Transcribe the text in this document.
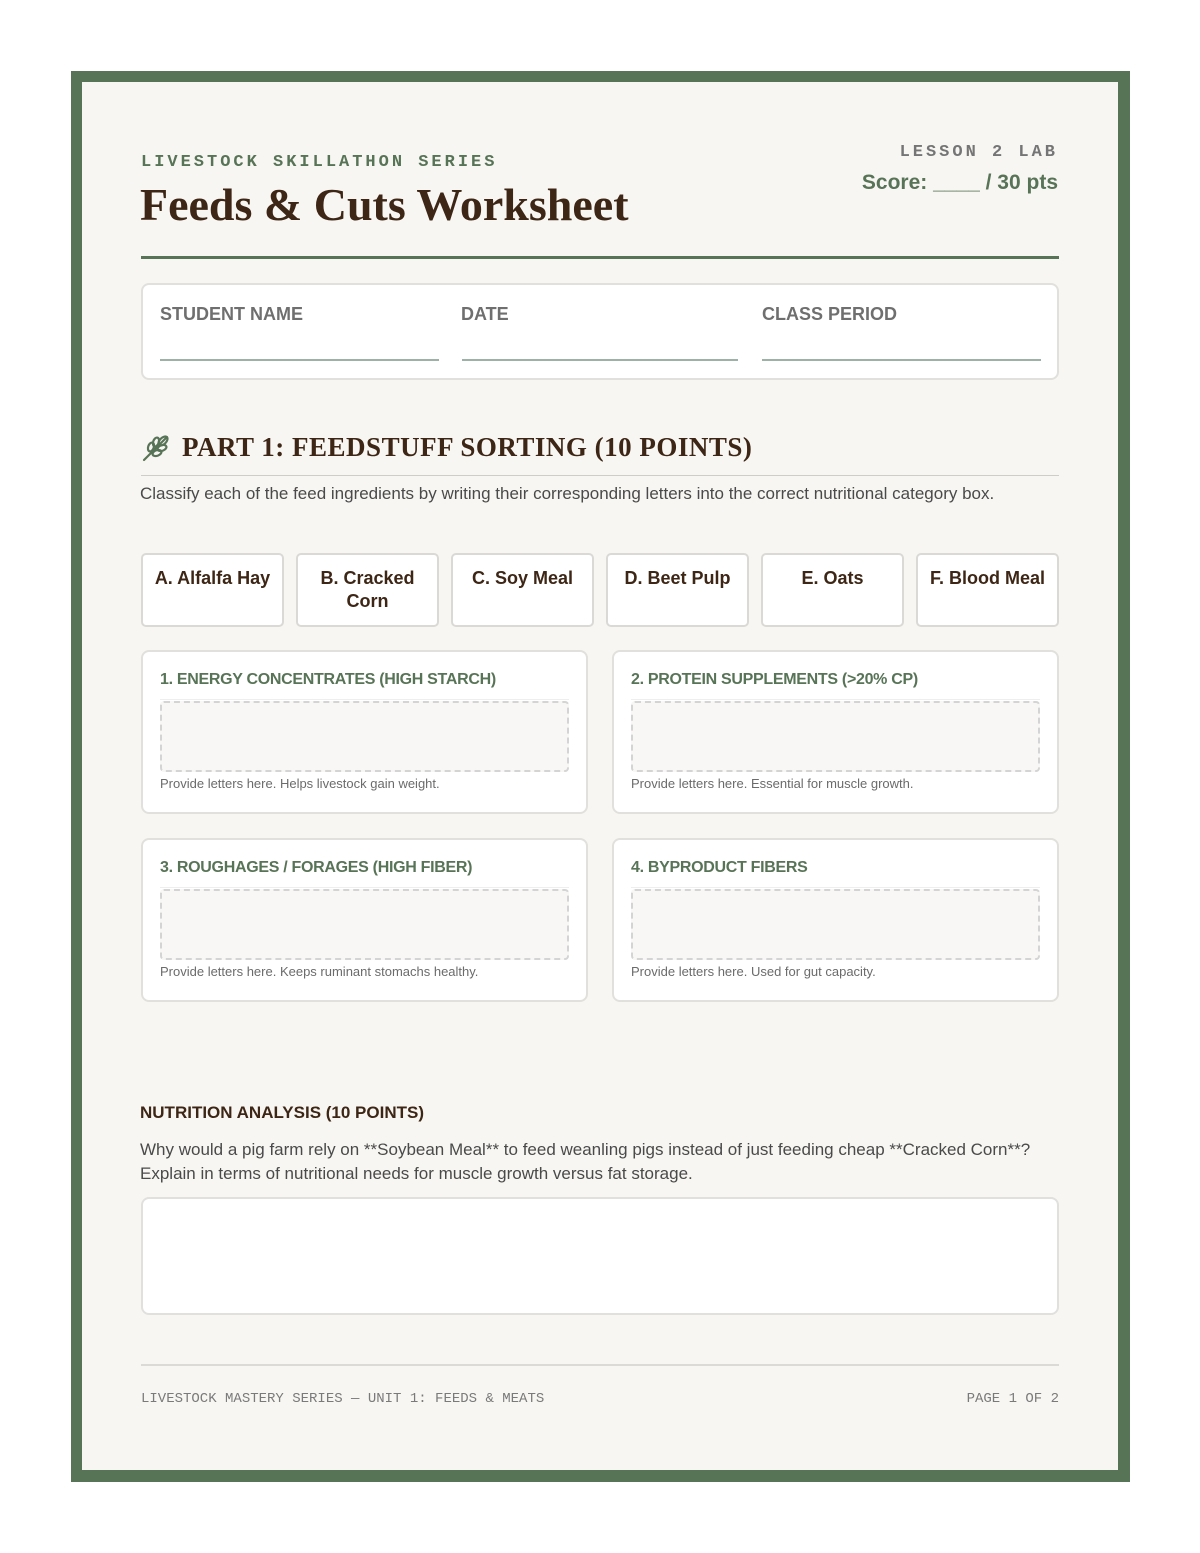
LIVESTOCK SKILLATHON SERIES
Feeds & Cuts Worksheet
LESSON 2 LAB
Score: ____ / 30 pts
STUDENT NAME	DATE	CLASS PERIOD
PART 1: FEEDSTUFF SORTING (10 POINTS)
Classify each of the feed ingredients by writing their corresponding letters into the correct nutritional category box.
A. Alfalfa Hay	B. Cracked Corn
C. Soy Meal	D. Beet Pulp	E. Oats	F. Blood Meal
1. ENERGY CONCENTRATES (HIGH STARCH)
Provide letters here. Helps livestock gain weight.
2. PROTEIN SUPPLEMENTS (>20% CP)
Provide letters here. Essential for muscle growth.
3. ROUGHAGES / FORAGES (HIGH FIBER)
Provide letters here. Keeps ruminant stomachs healthy.
4. BYPRODUCT FIBERS
Provide letters here. Used for gut capacity.
NUTRITION ANALYSIS (10 POINTS)
Why would a pig farm rely on **Soybean Meal** to feed weanling pigs instead of just feeding cheap **Cracked Corn**? Explain in terms of nutritional needs for muscle growth versus fat storage.
LIVESTOCK MASTERY SERIES — UNIT 1: FEEDS & MEATS	PAGE 1 OF 2
